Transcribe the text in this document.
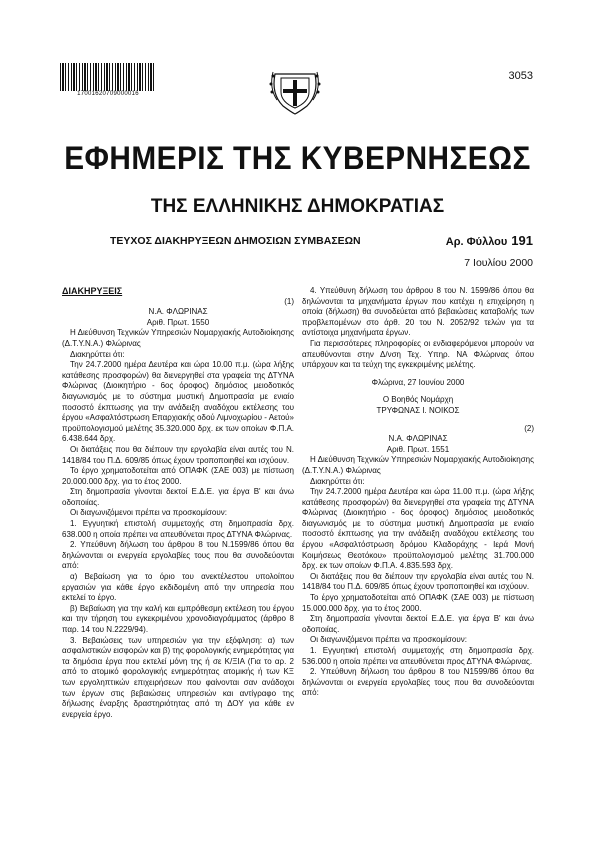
17001620709000016
3053
ΕΦΗΜΕΡΙΣ ΤΗΣ ΚΥΒΕΡΝΗΣΕΩΣ
ΤΗΣ ΕΛΛΗΝΙΚΗΣ ΔΗΜΟΚΡΑΤΙΑΣ
ΤΕΥΧΟΣ ΔΙΑΚΗΡΥΞΕΩΝ ΔΗΜΟΣΙΩΝ ΣΥΜΒΑΣΕΩΝ	Αρ. Φύλλου 191
7 Ιουλίου 2000

ΔΙΑΚΗΡΥΞΕΙΣ

(1)

Ν.Α. ΦΛΩΡΙΝΑΣ

Αριθ. Πρωτ. 1550

Η Διεύθυνση Τεχνικών Υπηρεσιών Νομαρχιακής Αυτοδιοίκησης (Δ.Τ.Υ.Ν.Α.) Φλώρινας

Διακηρύττει ότι:

Την 24.7.2000 ημέρα Δευτέρα και ώρα 10.00 π.μ. (ώρα λήξης κατάθεσης προσφορών) θα διενεργηθεί στα γραφεία της ΔΤΥΝΑ Φλώρινας (Διοικητήριο - 6ος όροφος) δημόσιος μειοδοτικός διαγωνισμός με το σύστημα μυστική Δημοπρασία με ενιαίο ποσοστό έκπτωσης για την ανάδειξη αναδόχου εκτέλεσης του έργου «Ασφαλτόστρωση Επαρχιακής οδού Λιμνοχωρίου - Αετού» προϋπολογισμού μελέτης 35.320.000 δρχ. εκ των οποίων Φ.Π.Α. 6.438.644 δρχ.

Οι διατάξεις που θα διέπουν την εργολαβία είναι αυτές του Ν. 1418/84 του Π.Δ. 609/85 όπως έχουν τροποποιηθεί και ισχύουν.

Το έργο χρηματοδοτείται από ΟΠΑΦΚ (ΣΑΕ 003) με πίστωση 20.000.000 δρχ. για το έτος 2000.

Στη δημοπρασία γίνονται δεκτοί Ε.Δ.Ε. για έργα Β' και άνω οδοποιίας.

Οι διαγωνιζόμενοι πρέπει να προσκομίσουν:

1. Εγγυητική επιστολή συμμετοχής στη δημοπρασία δρχ. 638.000 η οποία πρέπει να απευθύνεται προς ΔΤΥΝΑ Φλώρινας.

2. Υπεύθυνη δήλωση του άρθρου 8 του Ν.1599/86 όπου θα δηλώνονται οι ενεργεία εργολαβίες τους που θα συνοδεύονται από:

α) Βεβαίωση για το όριο του ανεκτέλεστου υπολοίπου εργασιών για κάθε έργο εκδιδομένη από την υπηρεσία που εκτελεί το έργο.

β) Βεβαίωση για την καλή και εμπρόθεσμη εκτέλεση του έργου και την τήρηση του εγκεκριμένου χρονοδιαγράμματος (άρθρο 8 παρ. 14 του Ν.2229/94).

3. Βεβαιώσεις των υπηρεσιών για την εξόφληση: α) των ασφαλιστικών εισφορών και β) της φορολογικής ενημερότητας για τα δημόσια έργα που εκτελεί μόνη της ή σε Κ/ΞΙΑ (Για το αρ. 2 από το ατομικό φορολογικής ενημερότητας ατομικής ή των ΚΞ των εργοληπτικών επιχειρήσεων που φαίνονται σαν ανάδοχοι των έργων στις βεβαιώσεις υπηρεσιών και αντίγραφο της δήλωσης έναρξης δραστηριότητας από τη ΔΟΥ για κάθε εν ενεργεία έργο.

4. Υπεύθυνη δήλωση του άρθρου 8 του Ν. 1599/86 όπου θα δηλώνονται τα μηχανήματα έργων που κατέχει η επιχείρηση η οποία (δήλωση) θα συνοδεύεται από βεβαιώσεις καταβολής των προβλεπομένων στο άρθ. 20 του Ν. 2052/92 τελών για τα αντίστοιχα μηχανήματα έργων.

Για περισσότερες πληροφορίες οι ενδιαφερόμενοι μπορούν να απευθύνονται στην Δ/νση Τεχ. Υπηρ. ΝΑ Φλώρινας όπου υπάρχουν και τα τεύχη της εγκεκριμένης μελέτης.

Φλώρινα, 27 Ιουνίου 2000

Ο Βοηθός Νομάρχη

ΤΡΥΦΩΝΑΣ Ι. ΝΟΙΚΟΣ

(2)

Ν.Α. ΦΛΩΡΙΝΑΣ

Αριθ. Πρωτ. 1551

Η Διεύθυνση Τεχνικών Υπηρεσιών Νομαρχιακής Αυτοδιοίκησης (Δ.Τ.Υ.Ν.Α.) Φλώρινας

Διακηρύττει ότι:

Την 24.7.2000 ημέρα Δευτέρα και ώρα 11.00 π.μ. (ώρα λήξης κατάθεσης προσφορών) θα διενεργηθεί στα γραφεία της ΔΤΥΝΑ Φλώρινας (Διοικητήριο - 6ος όροφος) δημόσιος μειοδοτικός διαγωνισμός με το σύστημα μυστική Δημοπρασία με ενιαίο ποσοστό έκπτωσης για την ανάδειξη αναδόχου εκτέλεσης του έργου «Ασφαλτόστρωση δρόμου Κλαδοράχης - Ιερά Μονή Κοιμήσεως Θεοτόκου» προϋπολογισμού μελέτης 31.700.000 δρχ. εκ των οποίων Φ.Π.Α. 4.835.593 δρχ.

Οι διατάξεις που θα διέπουν την εργολαβία είναι αυτές του Ν. 1418/84 του Π.Δ. 609/85 όπως έχουν τροποποιηθεί και ισχύουν.

Το έργο χρηματοδοτείται από ΟΠΑΦΚ (ΣΑΕ 003) με πίστωση 15.000.000 δρχ. για το έτος 2000.

Στη δημοπρασία γίνονται δεκτοί Ε.Δ.Ε. για έργα Β' και άνω οδοποιίας.

Οι διαγωνιζόμενοι πρέπει να προσκομίσουν:

1. Εγγυητική επιστολή συμμετοχής στη δημοπρασία δρχ. 536.000 η οποία πρέπει να απευθύνεται προς ΔΤΥΝΑ Φλώρινας.

2. Υπεύθυνη δήλωση του άρθρου 8 του Ν1599/86 όπου θα δηλώνονται οι ενεργεία εργολαβίες τους που θα συνοδεύονται από:
